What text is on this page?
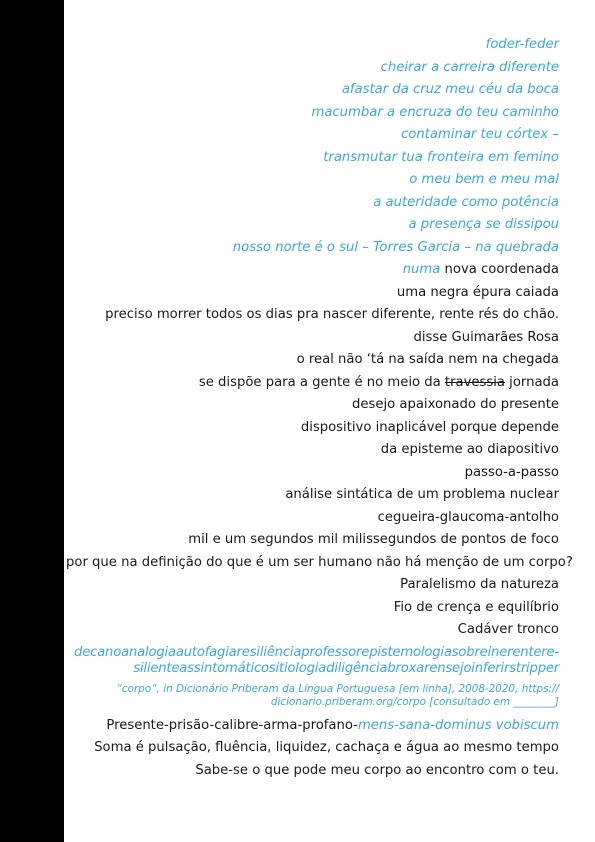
foder-feder
cheirar a carreira diferente
afastar da cruz meu céu da boca
macumbar a encruza do teu caminho
contaminar teu córtex –
transmutar tua fronteira em femino
o meu bem e meu mal
a auteridade como potência
a presença se dissipou
nosso norte é o sul – Torres Garcia – na quebrada
numa nova coordenada
uma negra épura caiada
preciso morrer todos os dias pra nascer diferente, rente rés do chão.
disse Guimarães Rosa
o real não ‘tá na saída nem na chegada
se dispõe para a gente é no meio da travessia jornada
desejo apaixonado do presente
dispositivo inaplicável porque depende
da episteme ao diapositivo
passo-a-passo
análise sintática de um problema nuclear
cegueira-glaucoma-antolho
mil e um segundos mil milissegundos de pontos de foco
por que na definição do que é um ser humano não há menção de um corpo?
Paralelismo da natureza
Fio de crença e equilíbrio
Cadáver tronco
decanoanalogiaautofagiaresiliênciaprofessorepistemologiasobreinerentere-
silienteassintomáticositiologiadiligênciabroxarensejoinferirstripper
“corpo”, in Dicionário Priberam da Língua Portuguesa [em linha], 2008-2020, https://
dicionario.priberam.org/corpo [consultado em ________]
Presente-prisão-calibre-arma-profano-mens-sana-dominus vobiscum
Soma é pulsação, fluência, liquidez, cachaça e água ao mesmo tempo
Sabe-se o que pode meu corpo ao encontro com o teu.
